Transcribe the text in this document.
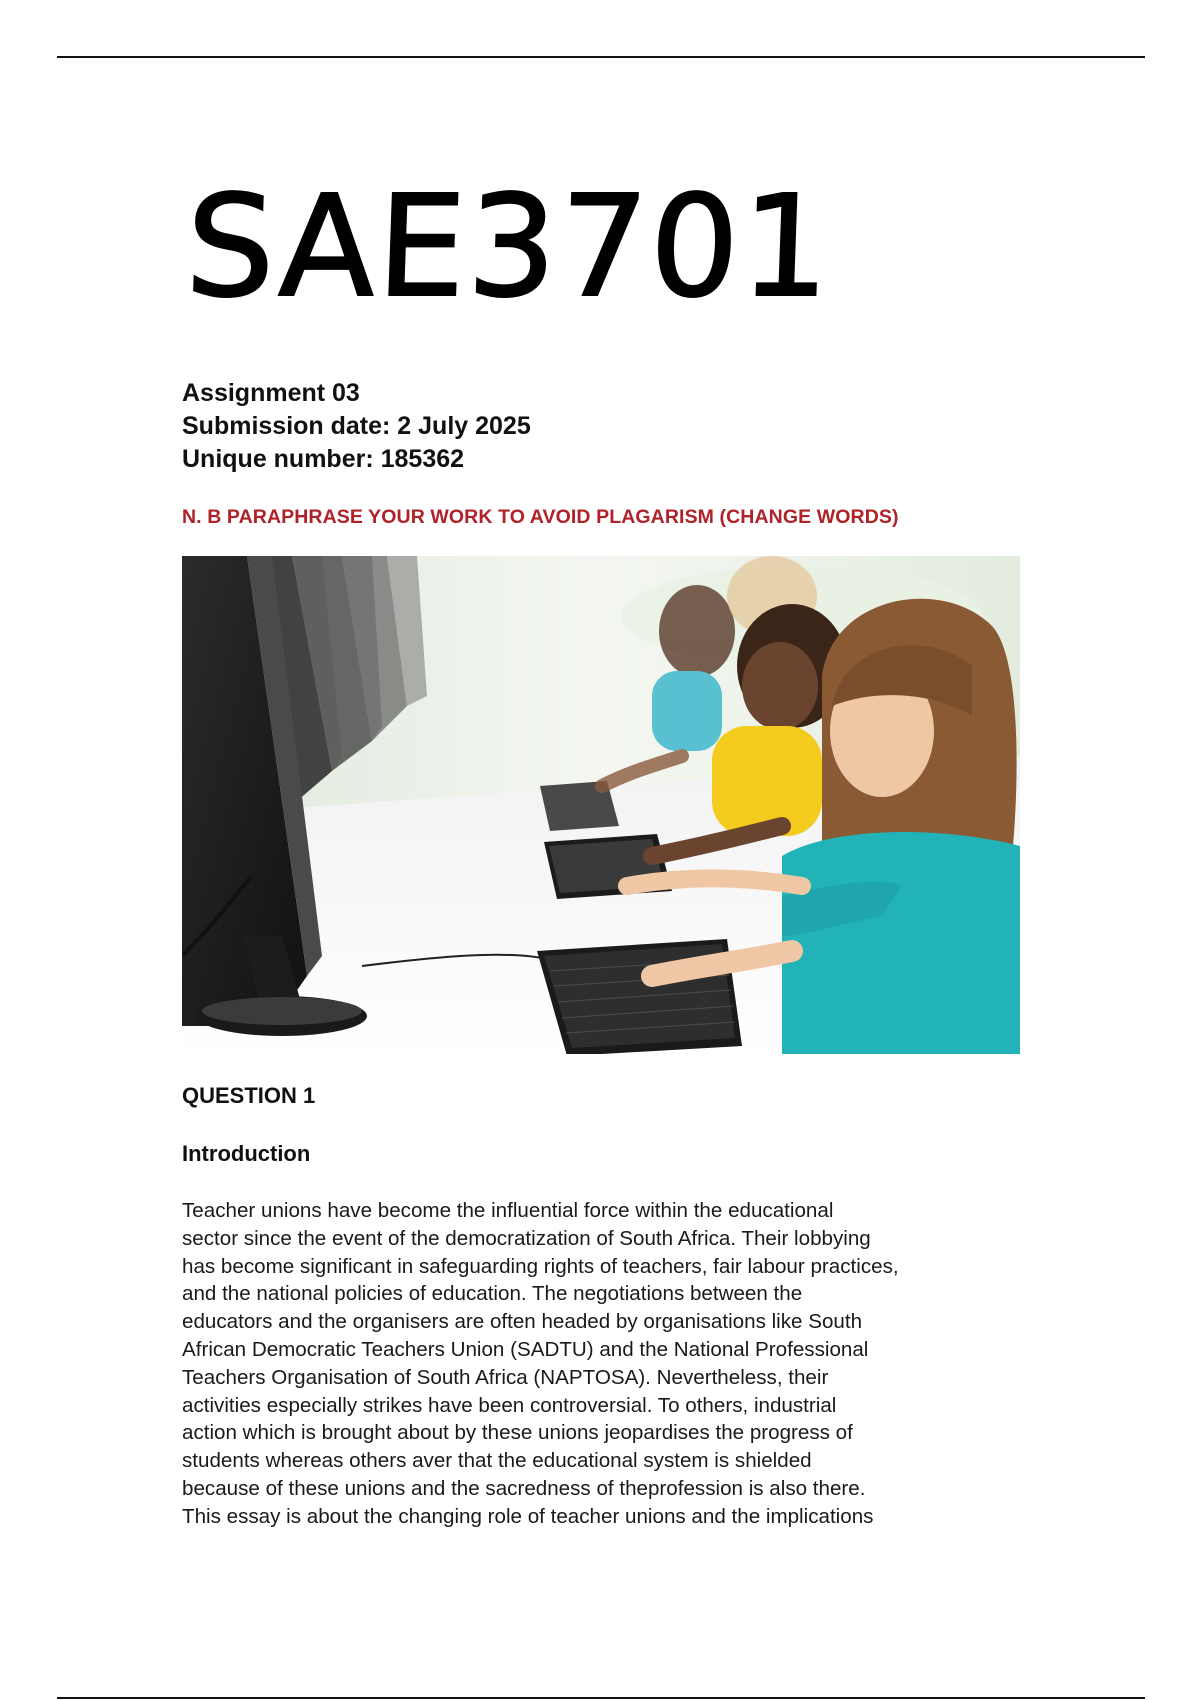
SAE3701
Assignment 03
Submission date: 2 July 2025
Unique number: 185362
N. B PARAPHRASE YOUR WORK TO AVOID PLAGARISM (CHANGE WORDS)
QUESTION 1
Introduction
Teacher unions have become the influential force within the educational
sector since the event of the democratization of South Africa. Their lobbying
has become significant in safeguarding rights of teachers, fair labour practices,
and the national policies of education. The negotiations between the
educators and the organisers are often headed by organisations like South
African Democratic Teachers Union (SADTU) and the National Professional
Teachers Organisation of South Africa (NAPTOSA). Nevertheless, their
activities especially strikes have been controversial. To others, industrial
action which is brought about by these unions jeopardises the progress of
students whereas others aver that the educational system is shielded
because of these unions and the sacredness of theprofession is also there.
This essay is about the changing role of teacher unions and the implications
